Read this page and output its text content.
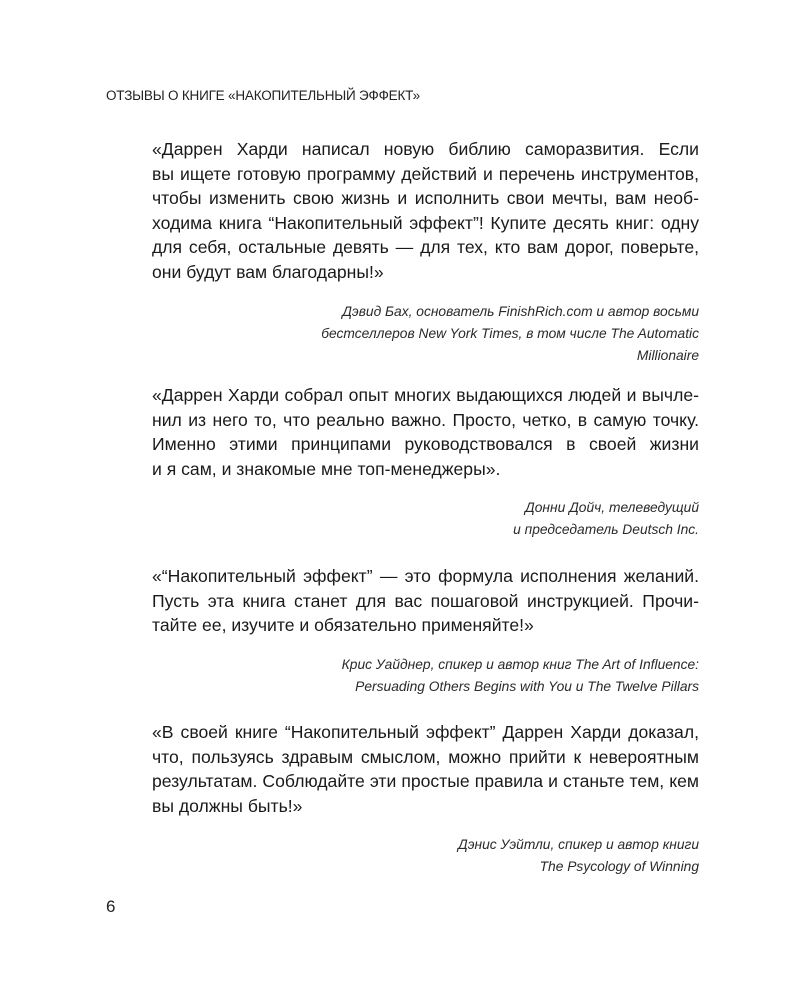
ОТЗЫВЫ О КНИГЕ «НАКОПИТЕЛЬНЫЙ ЭФФЕКТ»

«Даррен Харди написал новую библию саморазвития. Если
вы ищете готовую программу действий и перечень инструментов,
чтобы изменить свою жизнь и исполнить свои мечты, вам необ-
ходима книга “Накопительный эффект”! Купите десять книг: одну
для себя, остальные девять — для тех, кто вам дорог, поверьте,
они будут вам благодарны!»

Дэвид Бах, основатель FinishRich.com и автор восьми
бестселлеров New York Times, в том числе The Automatic
Millionaire

«Даррен Харди собрал опыт многих выдающихся людей и вычле-
нил из него то, что реально важно. Просто, четко, в самую точку.
Именно этими принципами руководствовался в своей жизни
и я сам, и знакомые мне топ-менеджеры».

Донни Дойч, телеведущий
и председатель Deutsch Inc.

«“Накопительный эффект” — это формула исполнения желаний.
Пусть эта книга станет для вас пошаговой инструкцией. Прочи-
тайте ее, изучите и обязательно применяйте!»

Крис Уайднер, спикер и автор книг The Art of Influence:
Persuading Others Begins with You и The Twelve Pillars

«В своей книге “Накопительный эффект” Даррен Харди доказал,
что, пользуясь здравым смыслом, можно прийти к невероятным
результатам. Соблюдайте эти простые правила и станьте тем, кем
вы должны быть!»

Дэнис Уэйтли, спикер и автор книги
The Psycology of Winning

6
